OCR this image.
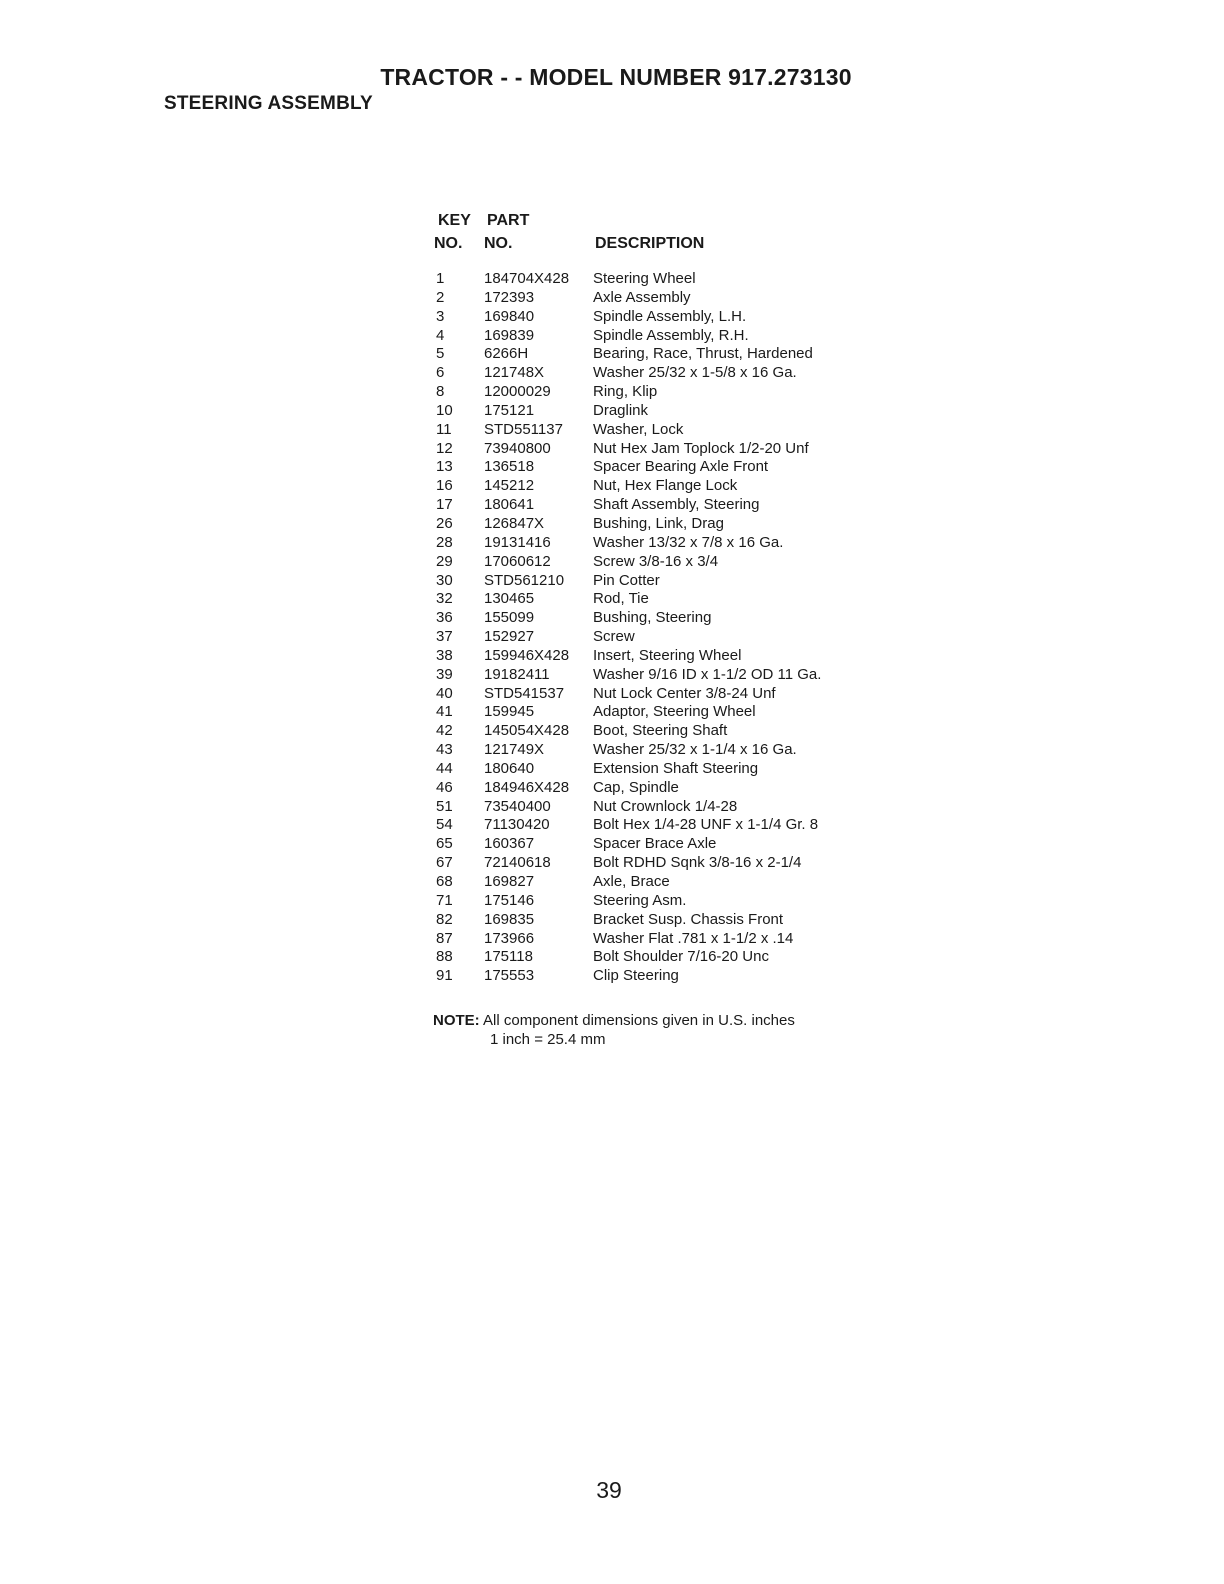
TRACTOR - - MODEL NUMBER 917.273130
STEERING ASSEMBLY
KEY
NO.
PART
NO.	DESCRIPTION
1	184704X428 Steering Wheel
2	172393	Axle Assembly
3	169840	Spindle Assembly, L.H.
4	169839	Spindle Assembly, R.H.
5	6266H	Bearing, Race, Thrust, Hardened
6	121748X	Washer 25/32 x 1-5/8 x 16 Ga.
8	12000029	Ring, Klip
10 175121	Draglink
11 STD551137 Washer, Lock
12 73940800	Nut Hex Jam Toplock 1/2-20 Unf
13 136518	Spacer Bearing Axle Front
16 145212	Nut, Hex Flange Lock
17 180641	Shaft Assembly, Steering
26 126847X	Bushing, Link, Drag
28 19131416	Washer 13/32 x 7/8 x 16 Ga.
29 17060612	Screw 3/8-16 x 3/4
30 STD561210 Pin Cotter
32 130465	Rod, Tie
36 155099	Bushing, Steering
37 152927	Screw
38 159946X428 Insert, Steering Wheel
39 19182411	Washer 9/16 ID x 1-1/2 OD 11 Ga.
40 STD541537 Nut Lock Center 3/8-24 Unf
41 159945	Adaptor, Steering Wheel
42 145054X428 Boot, Steering Shaft
43 121749X	Washer 25/32 x 1-1/4 x 16 Ga.
44 180640	Extension Shaft Steering
46 184946X428 Cap, Spindle
51 73540400	Nut Crownlock 1/4-28
54 71130420	Bolt Hex 1/4-28 UNF x 1-1/4 Gr. 8
65 160367	Spacer Brace Axle
67 72140618	Bolt RDHD Sqnk 3/8-16 x 2-1/4
68 169827	Axle, Brace
71 175146	Steering Asm.
82 169835	Bracket Susp. Chassis Front
87 173966	Washer Flat .781 x 1-1/2 x .14
88 175118	Bolt Shoulder 7/16-20 Unc
91 175553	Clip Steering
NOTE: All component dimensions given in U.S. inches
1 inch = 25.4 mm
39
